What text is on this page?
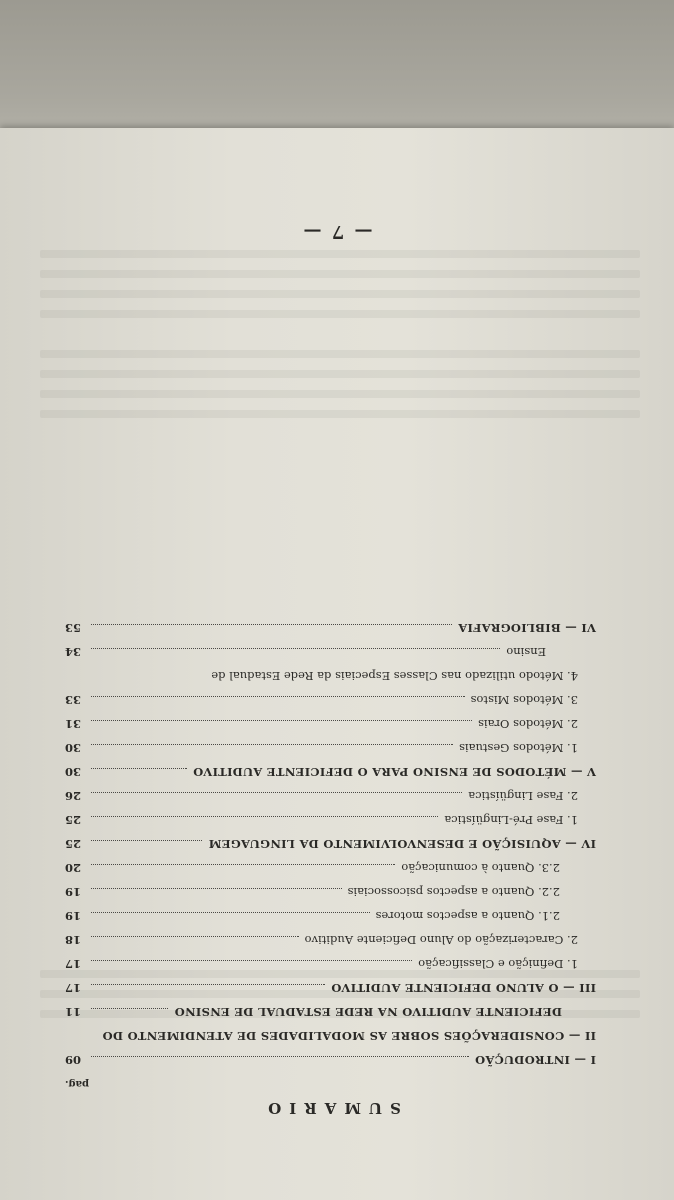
— 7 —
SUMARIO
pag.
I — INTRODUÇÃO
09
II — CONSIDERAÇÕES SOBRE AS MODALIDADES DE ATENDIMENTO DO
DEFICIENTE AUDITIVO NA REDE ESTADUAL DE ENSINO
11
III — O ALUNO DEFICIENTE AUDITIVO
17
1. Definição e Classificação
17
2. Caracterização do Aluno Deficiente Auditivo
18
2.1. Quanto a aspectos motores
19
2.2. Quanto a aspectos psicossociais
19
2.3. Quanto à comunicação
20
IV — AQUISIÇÃO E DESENVOLVIMENTO DA LINGUAGEM
25
1. Fase Pré-Lingüística
25
2. Fase Lingüística
26
V — MÉTODOS DE ENSINO PARA O DEFICIENTE AUDITIVO
30
1. Métodos Gestuais
30
2. Métodos Orais
31
3. Métodos Mistos
33
4. Método utilizado nas Classes Especiais da Rede Estadual de
Ensino
34
VI — BIBLIOGRAFIA
53
